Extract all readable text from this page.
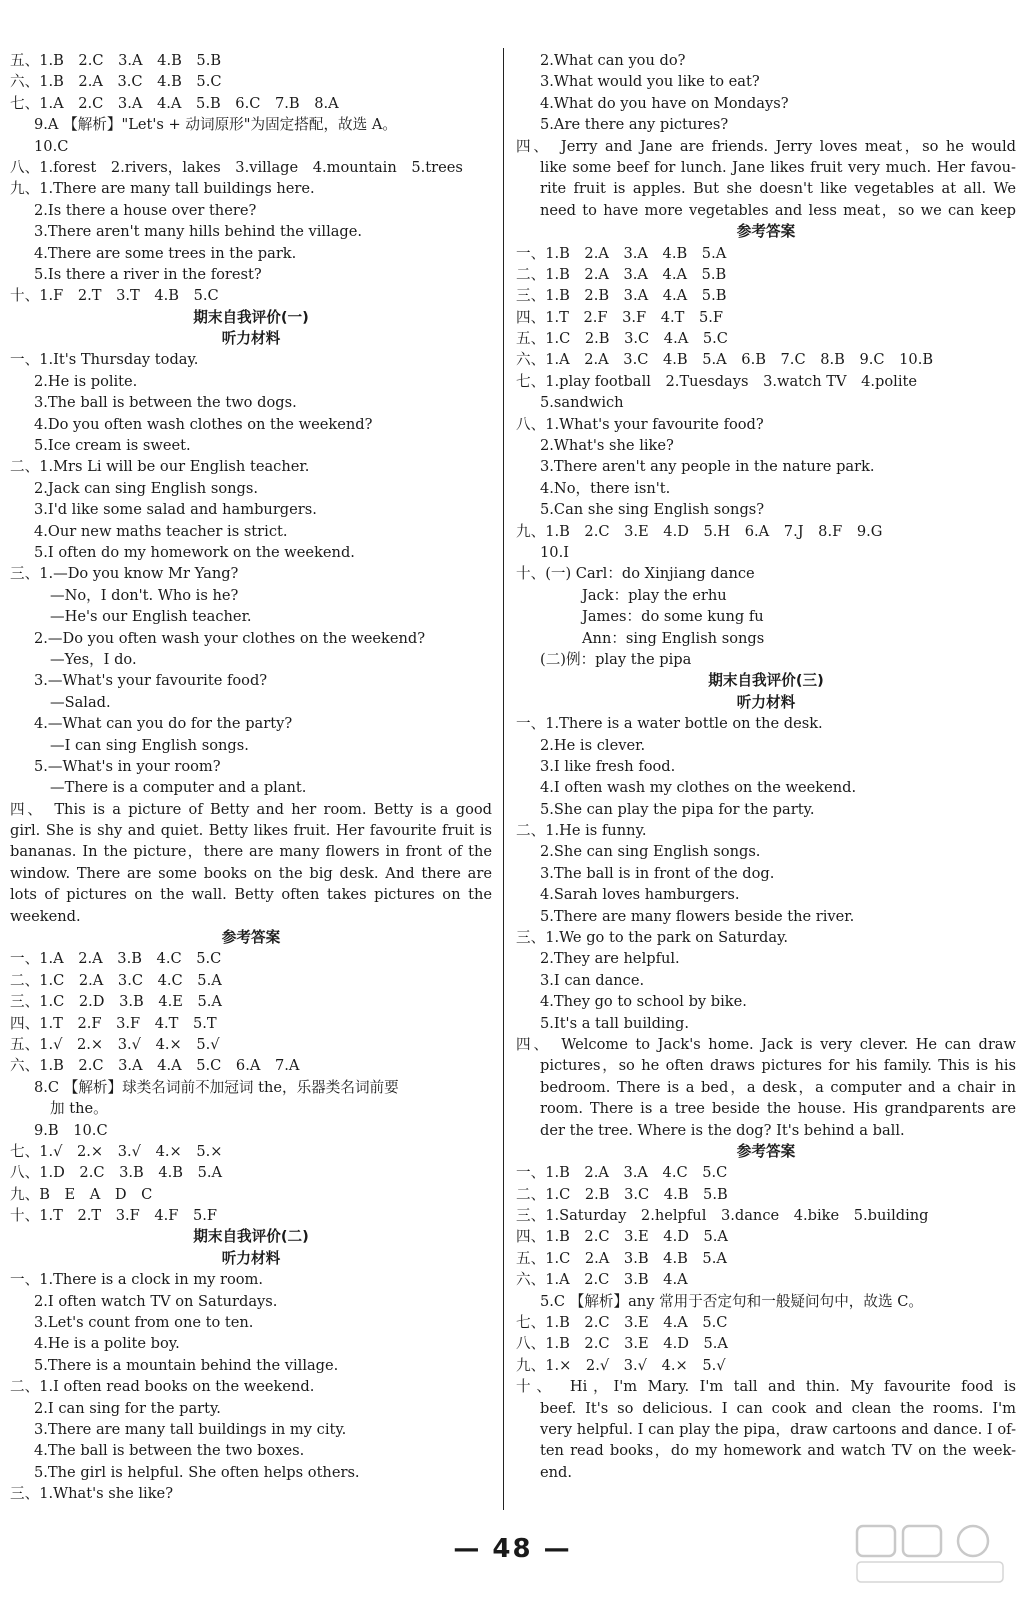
五、1.B　2.C　3.A　4.B　5.B
六、1.B　2.A　3.C　4.B　5.C
七、1.A　2.C　3.A　4.A　5.B　6.C　7.B　8.A
9.A 【解析】"Let's + 动词原形"为固定搭配，故选 A。
10.C
八、1.forest　2.rivers，lakes　3.village　4.mountain　5.trees
九、1.There are many tall buildings here.
2.Is there a house over there?
3.There aren't many hills behind the village.
4.There are some trees in the park.
5.Is there a river in the forest?
十、1.F　2.T　3.T　4.B　5.C
期末自我评价(一)
听力材料
一、1.It's Thursday today.
2.He is polite.
3.The ball is between the two dogs.
4.Do you often wash clothes on the weekend?
5.Ice cream is sweet.
二、1.Mrs Li will be our English teacher.
2.Jack can sing English songs.
3.I'd like some salad and hamburgers.
4.Our new maths teacher is strict.
5.I often do my homework on the weekend.
三、1.—Do you know Mr Yang?
—No，I don't. Who is he?
—He's our English teacher.
2.—Do you often wash your clothes on the weekend?
—Yes，I do.
3.—What's your favourite food?
—Salad.
4.—What can you do for the party?
—I can sing English songs.
5.—What's in your room?
—There is a computer and a plant.
四、　This is a picture of Betty and her room. Betty is a good
girl. She is shy and quiet. Betty likes fruit. Her favourite fruit is
bananas. In the picture，there are many flowers in front of the
window. There are some books on the big desk. And there are
lots of pictures on the wall. Betty often takes pictures on the
weekend.
参考答案
一、1.A　2.A　3.B　4.C　5.C
二、1.C　2.A　3.C　4.C　5.A
三、1.C　2.D　3.B　4.E　5.A
四、1.T　2.F　3.F　4.T　5.T
五、1.√　2.×　3.√　4.×　5.√
六、1.B　2.C　3.A　4.A　5.C　6.A　7.A
8.C 【解析】球类名词前不加冠词 the，乐器类名词前要
加 the。
9.B　10.C
七、1.√　2.×　3.√　4.×　5.×
八、1.D　2.C　3.B　4.B　5.A
九、B　E　A　D　C
十、1.T　2.T　3.F　4.F　5.F
期末自我评价(二)
听力材料
一、1.There is a clock in my room.
2.I often watch TV on Saturdays.
3.Let's count from one to ten.
4.He is a polite boy.
5.There is a mountain behind the village.
二、1.I often read books on the weekend.
2.I can sing for the party.
3.There are many tall buildings in my city.
4.The ball is between the two boxes.
5.The girl is helpful. She often helps others.
三、1.What's she like?
2.What can you do?
3.What would you like to eat?
4.What do you have on Mondays?
5.Are there any pictures?
四、　Jerry and Jane are friends. Jerry loves meat，so he would
like some beef for lunch. Jane likes fruit very much. Her favou-
rite fruit is apples. But she doesn't like vegetables at all. We
need to have more vegetables and less meat，so we can keep
参考答案
一、1.B　2.A　3.A　4.B　5.A
二、1.B　2.A　3.A　4.A　5.B
三、1.B　2.B　3.A　4.A　5.B
四、1.T　2.F　3.F　4.T　5.F
五、1.C　2.B　3.C　4.A　5.C
六、1.A　2.A　3.C　4.B　5.A　6.B　7.C　8.B　9.C　10.B
七、1.play football　2.Tuesdays　3.watch TV　4.polite
5.sandwich
八、1.What's your favourite food?
2.What's she like?
3.There aren't any people in the nature park.
4.No，there isn't.
5.Can she sing English songs?
九、1.B　2.C　3.E　4.D　5.H　6.A　7.J　8.F　9.G
10.I
十、(一) Carl：do Xinjiang dance
Jack：play the erhu
James：do some kung fu
Ann：sing English songs
(二)例：play the pipa
期末自我评价(三)
听力材料
一、1.There is a water bottle on the desk.
2.He is clever.
3.I like fresh food.
4.I often wash my clothes on the weekend.
5.She can play the pipa for the party.
二、1.He is funny.
2.She can sing English songs.
3.The ball is in front of the dog.
4.Sarah loves hamburgers.
5.There are many flowers beside the river.
三、1.We go to the park on Saturday.
2.They are helpful.
3.I can dance.
4.They go to school by bike.
5.It's a tall building.
四、　Welcome to Jack's home. Jack is very clever. He can draw
pictures，so he often draws pictures for his family. This is his
bedroom. There is a bed，a desk，a computer and a chair in
room. There is a tree beside the house. His grandparents are
der the tree. Where is the dog? It's behind a ball.
参考答案
一、1.B　2.A　3.A　4.C　5.C
二、1.C　2.B　3.C　4.B　5.B
三、1.Saturday　2.helpful　3.dance　4.bike　5.building
四、1.B　2.C　3.E　4.D　5.A
五、1.C　2.A　3.B　4.B　5.A
六、1.A　2.C　3.B　4.A
5.C 【解析】any 常用于否定句和一般疑问句中，故选 C。
七、1.B　2.C　3.E　4.A　5.C
八、1.B　2.C　3.E　4.D　5.A
九、1.×　2.√　3.√　4.×　5.√
十、　Hi，I'm Mary. I'm tall and thin. My favourite food is
beef. It's so delicious. I can cook and clean the rooms. I'm
very helpful. I can play the pipa，draw cartoons and dance. I of-
ten read books，do my homework and watch TV on the week-
end.
— 48 —
